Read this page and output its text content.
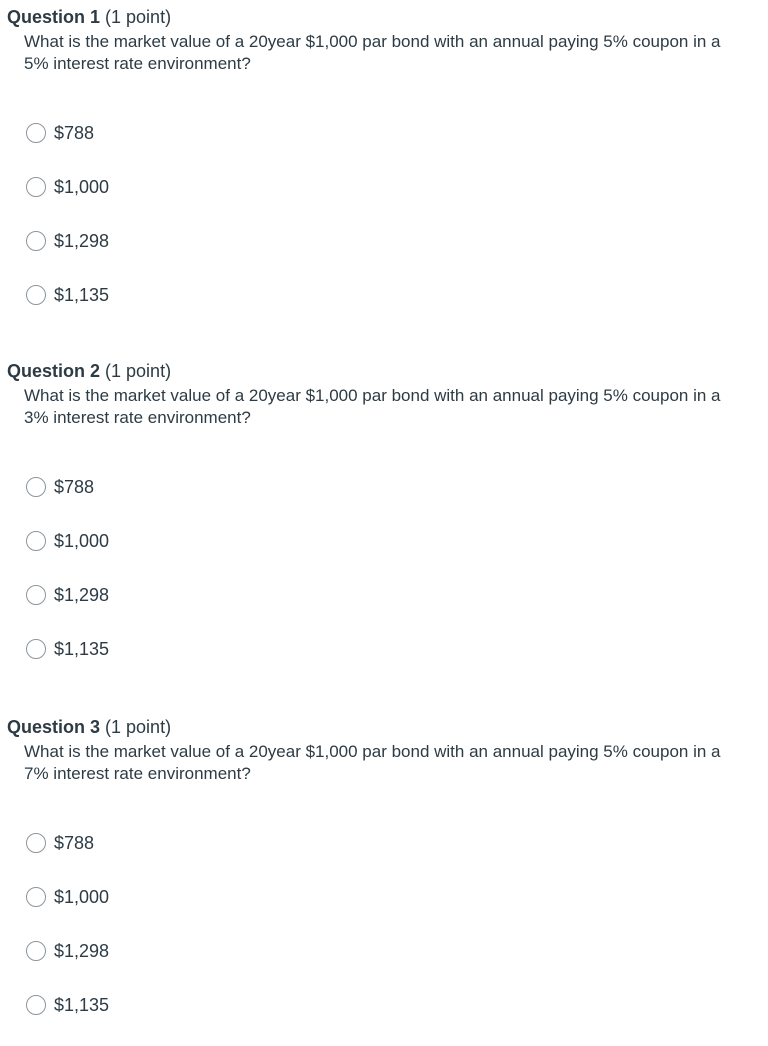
Question 1 (1 point)
What is the market value of a 20year $1,000 par bond with an annual paying 5% coupon in a 5% interest rate environment?
$788
$1,000
$1,298
$1,135
Question 2 (1 point)
What is the market value of a 20year $1,000 par bond with an annual paying 5% coupon in a 3% interest rate environment?
$788
$1,000
$1,298
$1,135
Question 3 (1 point)
What is the market value of a 20year $1,000 par bond with an annual paying 5% coupon in a 7% interest rate environment?
$788
$1,000
$1,298
$1,135
